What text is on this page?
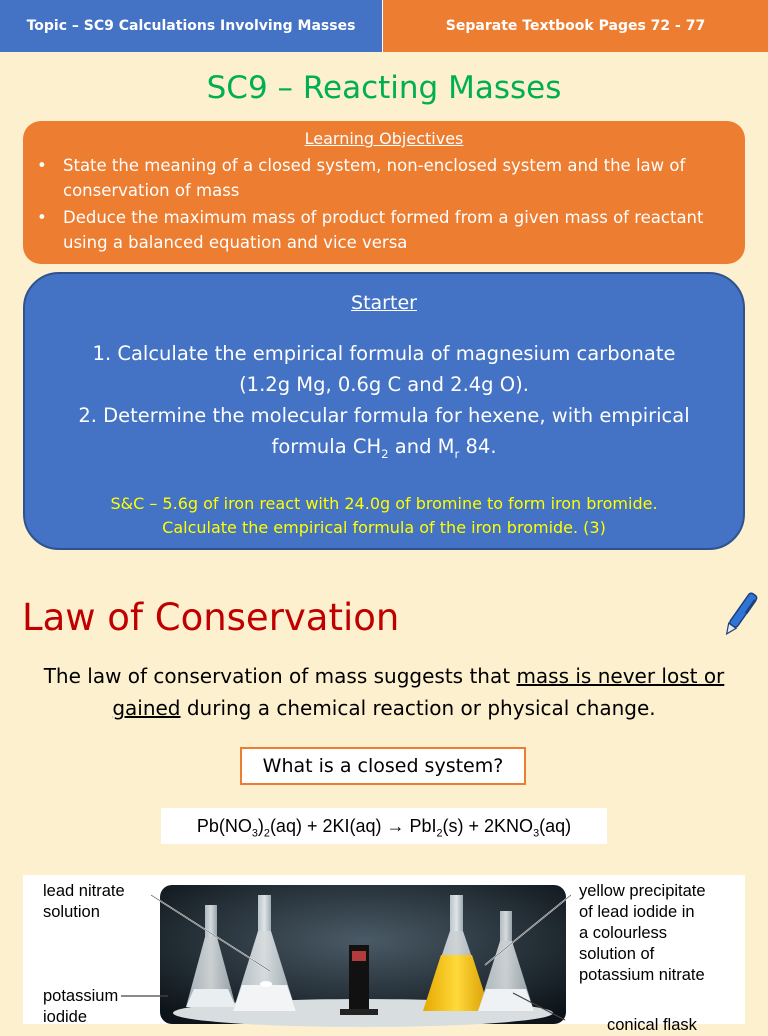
Topic – SC9 Calculations Involving Masses	Separate Textbook Pages 72 - 77
SC9 – Reacting Masses
Learning Objectives
• State the meaning of a closed system, non-enclosed system and the law of conservation of mass
• Deduce the maximum mass of product formed from a given mass of reactant using a balanced equation and vice versa
Starter
1. Calculate the empirical formula of magnesium carbonate
(1.2g Mg, 0.6g C and 2.4g O).
2. Determine the molecular formula for hexene, with empirical
formula $CH_2$ and $M_r$ 84.
S&C – 5.6g of iron react with 24.0g of bromine to form iron bromide.
Calculate the empirical formula of the iron bromide. (3)
Law of Conservation
The law of conservation of mass suggests that mass is never lost or
gained during a chemical reaction or physical change.
What is a closed system?
$Pb(NO_3)_2(aq) + 2KI(aq) \to PbI_2(s) + 2KNO_3(aq)$
lead nitrate
solution
potassium
iodide
yellow precipitate
of lead iodide in
a colourless
solution of
potassium nitrate
conical flask
